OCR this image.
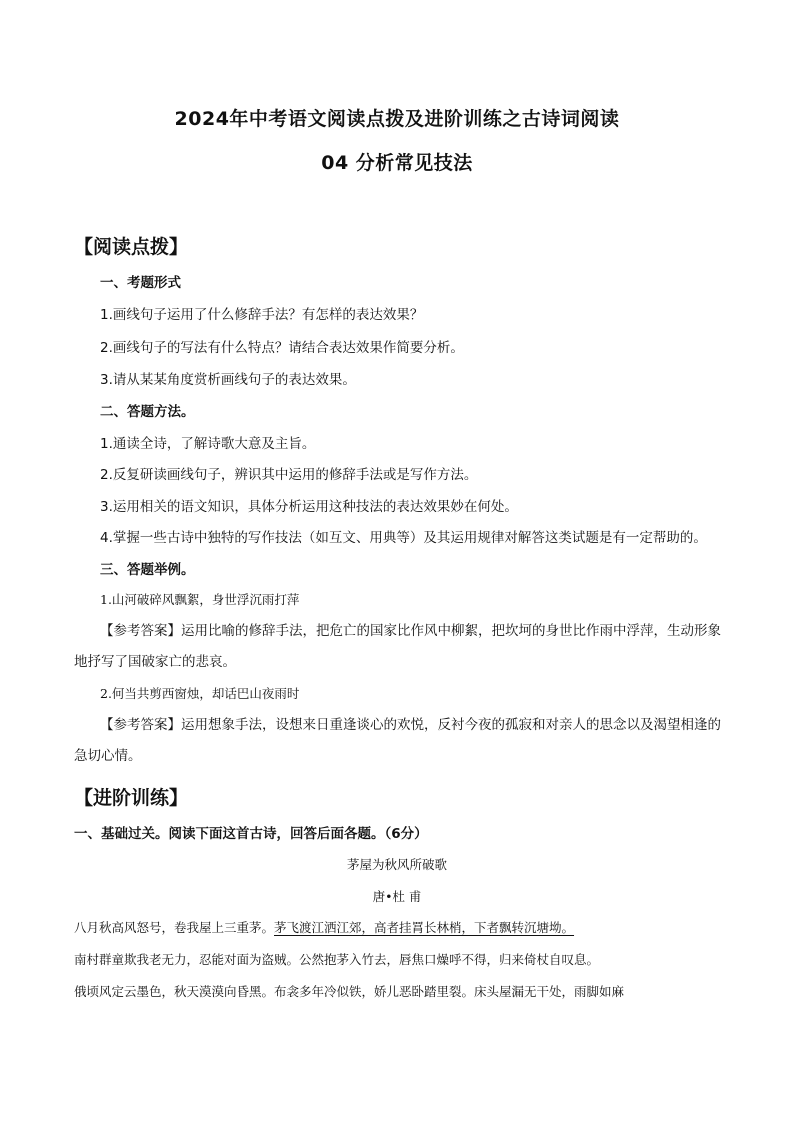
2024年中考语文阅读点拨及进阶训练之古诗词阅读
04 分析常见技法
【阅读点拨】
一、考题形式
1.画线句子运用了什么修辞手法？有怎样的表达效果？
2.画线句子的写法有什么特点？请结合表达效果作简要分析。
3.请从某某角度赏析画线句子的表达效果。
二、答题方法。
1.通读全诗，了解诗歌大意及主旨。
2.反复研读画线句子，辨识其中运用的修辞手法或是写作方法。
3.运用相关的语文知识，具体分析运用这种技法的表达效果妙在何处。
4.掌握一些古诗中独特的写作技法（如互文、用典等）及其运用规律对解答这类试题是有一定帮助的。
三、答题举例。
1.山河破碎风飘絮，身世浮沉雨打萍
【参考答案】运用比喻的修辞手法，把危亡的国家比作风中柳絮，把坎坷的身世比作雨中浮萍，生动形象地抒写了国破家亡的悲哀。
2.何当共剪西窗烛，却话巴山夜雨时
【参考答案】运用想象手法，设想来日重逢谈心的欢悦，反衬今夜的孤寂和对亲人的思念以及渴望相逢的急切心情。
【进阶训练】
一、基础过关。阅读下面这首古诗，回答后面各题。（6分）
茅屋为秋风所破歌
唐•杜 甫
八月秋高风怒号，卷我屋上三重茅。茅飞渡江洒江郊，高者挂罥长林梢，下者飘转沉塘坳。
南村群童欺我老无力，忍能对面为盗贼。公然抱茅入竹去，唇焦口燥呼不得，归来倚杖自叹息。
俄顷风定云墨色，秋天漠漠向昏黑。布衾多年冷似铁，娇儿恶卧踏里裂。床头屋漏无干处，雨脚如麻
